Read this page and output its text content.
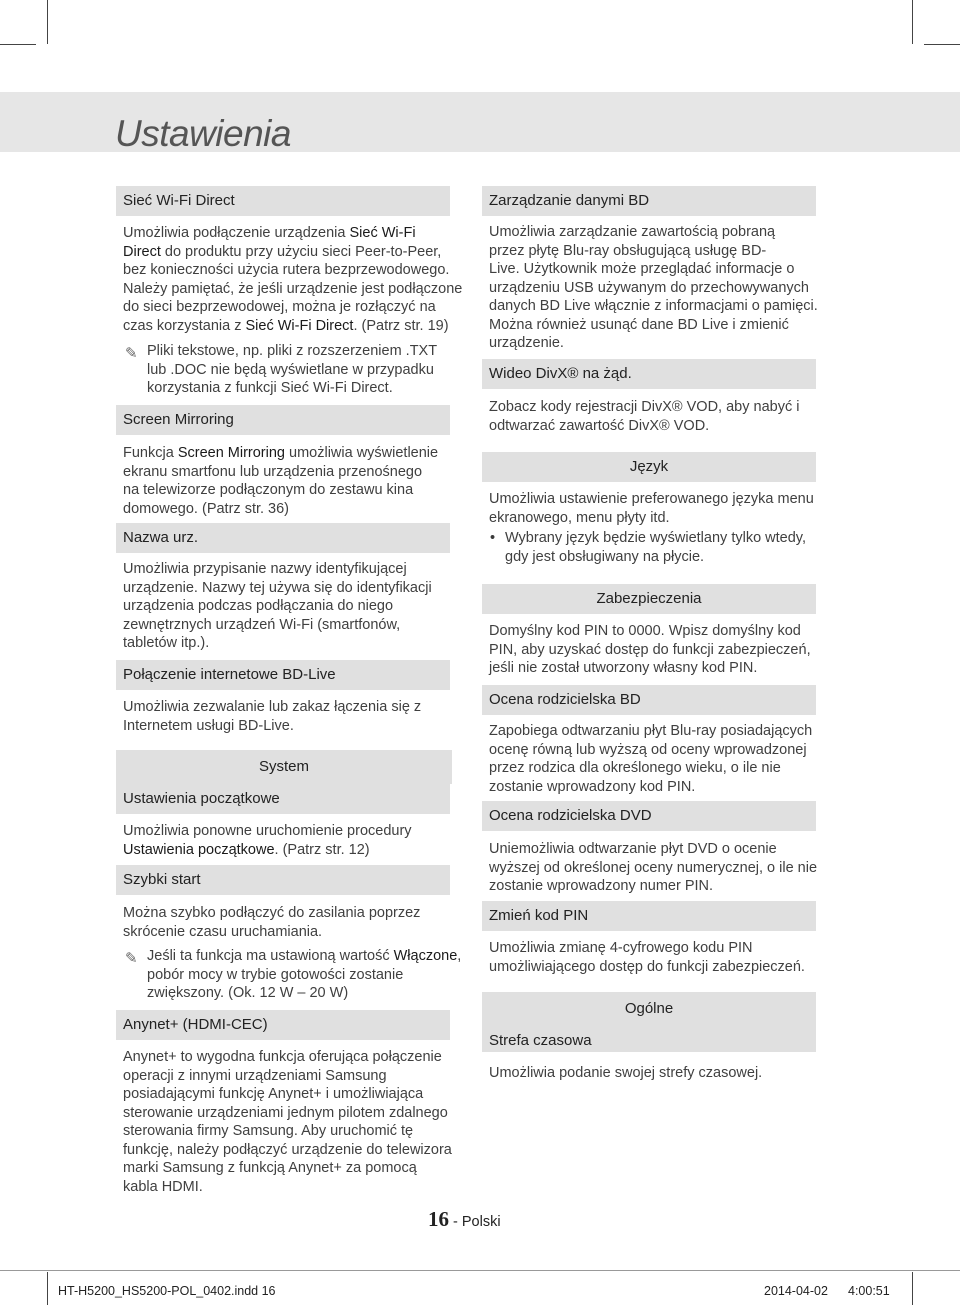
Ustawienia
Sieć Wi-Fi Direct
Umożliwia podłączenie urządzenia Sieć Wi-Fi
Direct do produktu przy użyciu sieci Peer-to-Peer,
bez konieczności użycia rutera bezprzewodowego.
Należy pamiętać, że jeśli urządzenie jest podłączone
do sieci bezprzewodowej, można je rozłączyć na
czas korzystania z Sieć Wi-Fi Direct. (Patrz str. 19)
✎ Pliki tekstowe, np. pliki z rozszerzeniem .TXT
lub .DOC nie będą wyświetlane w przypadku
korzystania z funkcji Sieć Wi-Fi Direct.
Screen Mirroring
Funkcja Screen Mirroring umożliwia wyświetlenie
ekranu smartfonu lub urządzenia przenośnego
na telewizorze podłączonym do zestawu kina
domowego. (Patrz str. 36)
Nazwa urz.
Umożliwia przypisanie nazwy identyfikującej
urządzenie. Nazwy tej używa się do identyfikacji
urządzenia podczas podłączania do niego
zewnętrznych urządzeń Wi-Fi (smartfonów,
tabletów itp.).
Połączenie internetowe BD-Live
Umożliwia zezwalanie lub zakaz łączenia się z
Internetem usługi BD-Live.
System
Ustawienia początkowe
Umożliwia ponowne uruchomienie procedury
Ustawienia początkowe. (Patrz str. 12)
Szybki start
Można szybko podłączyć do zasilania poprzez
skrócenie czasu uruchamiania.
✎ Jeśli ta funkcja ma ustawioną wartość Włączone,
pobór mocy w trybie gotowości zostanie
zwiększony. (Ok. 12 W – 20 W)
Anynet+ (HDMI-CEC)
Anynet+ to wygodna funkcja oferująca połączenie
operacji z innymi urządzeniami Samsung
posiadającymi funkcję Anynet+ i umożliwiająca
sterowanie urządzeniami jednym pilotem zdalnego
sterowania firmy Samsung. Aby uruchomić tę
funkcję, należy podłączyć urządzenie do telewizora
marki Samsung z funkcją Anynet+ za pomocą
kabla HDMI.
Zarządzanie danymi BD
Umożliwia zarządzanie zawartością pobraną
przez płytę Blu-ray obsługującą usługę BD-
Live. Użytkownik może przeglądać informacje o
urządzeniu USB używanym do przechowywanych
danych BD Live włącznie z informacjami o pamięci.
Można również usunąć dane BD Live i zmienić
urządzenie.
Wideo DivX® na żąd.
Zobacz kody rejestracji DivX® VOD, aby nabyć i
odtwarzać zawartość DivX® VOD.
Język
Umożliwia ustawienie preferowanego języka menu
ekranowego, menu płyty itd.
• Wybrany język będzie wyświetlany tylko wtedy,
gdy jest obsługiwany na płycie.
Zabezpieczenia
Domyślny kod PIN to 0000. Wpisz domyślny kod
PIN, aby uzyskać dostęp do funkcji zabezpieczeń,
jeśli nie został utworzony własny kod PIN.
Ocena rodzicielska BD
Zapobiega odtwarzaniu płyt Blu-ray posiadających
ocenę równą lub wyższą od oceny wprowadzonej
przez rodzica dla określonego wieku, o ile nie
zostanie wprowadzony kod PIN.
Ocena rodzicielska DVD
Uniemożliwia odtwarzanie płyt DVD o ocenie
wyższej od określonej oceny numerycznej, o ile nie
zostanie wprowadzony numer PIN.
Zmień kod PIN
Umożliwia zmianę 4-cyfrowego kodu PIN
umożliwiającego dostęp do funkcji zabezpieczeń.
Ogólne
Strefa czasowa
Umożliwia podanie swojej strefy czasowej.
16 - Polski
HT-H5200_HS5200-POL_0402.indd 16	2014-04-02 4:00:51
